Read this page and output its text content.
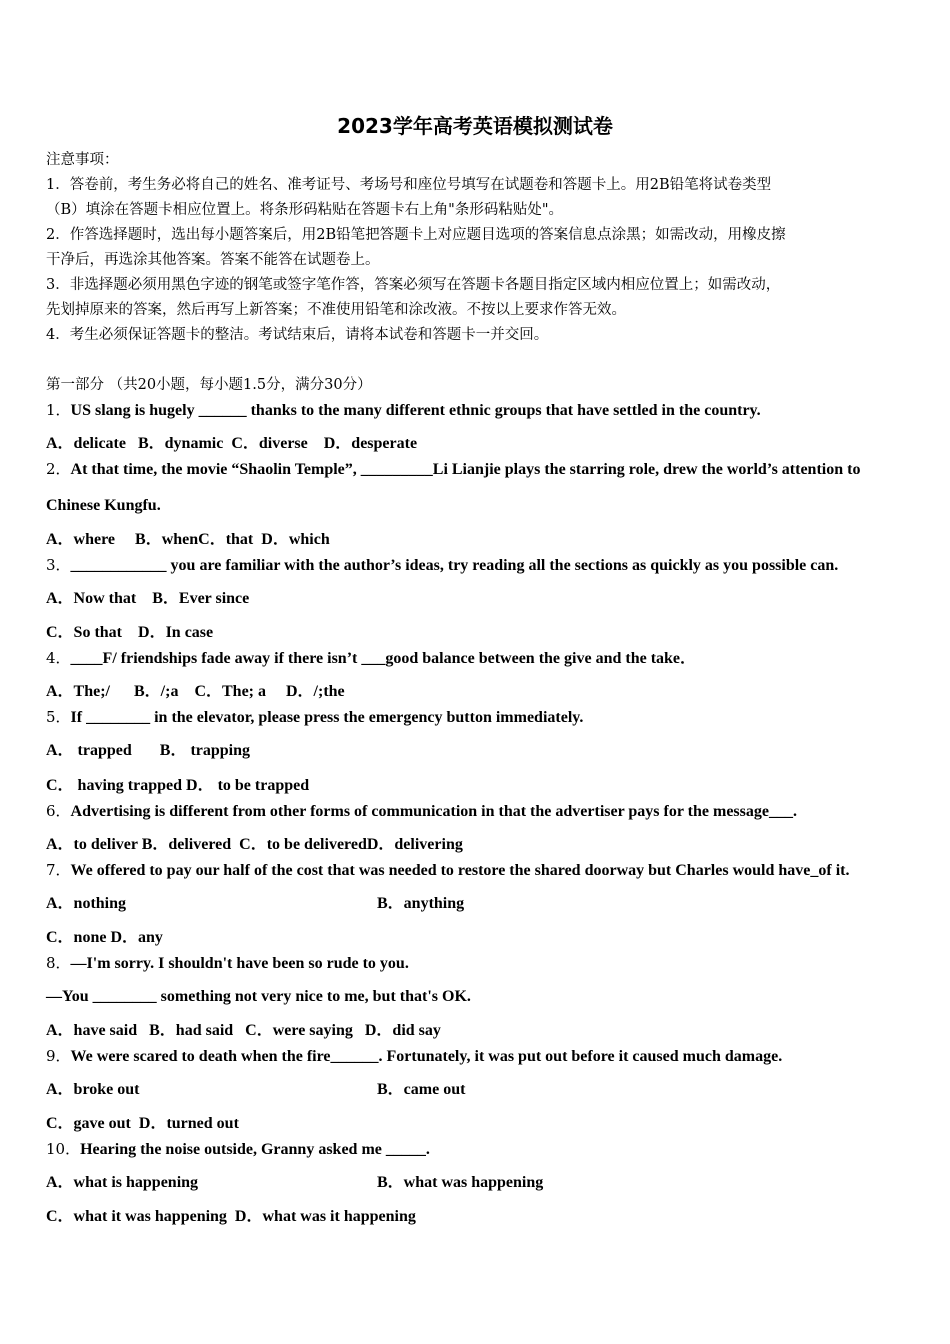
2023学年高考英语模拟测试卷
注意事项：
1．答卷前，考生务必将自己的姓名、准考证号、考场号和座位号填写在试题卷和答题卡上。用2B铅笔将试卷类型
（B）填涂在答题卡相应位置上。将条形码粘贴在答题卡右上角"条形码粘贴处"。
2．作答选择题时，选出每小题答案后，用2B铅笔把答题卡上对应题目选项的答案信息点涂黑；如需改动，用橡皮擦
干净后，再选涂其他答案。答案不能答在试题卷上。
3．非选择题必须用黑色字迹的钢笔或签字笔作答，答案必须写在答题卡各题目指定区域内相应位置上；如需改动，
先划掉原来的答案，然后再写上新答案；不准使用铅笔和涂改液。不按以上要求作答无效。
4．考生必须保证答题卡的整洁。考试结束后，请将本试卷和答题卡一并交回。
第一部分 （共20小题，每小题1.5分，满分30分）
1．US slang is hugely ______ thanks to the many different ethnic groups that have settled in the country.
A．delicate   B．dynamic  C．diverse    D．desperate
2．At that time, the movie “Shaolin Temple”, _________Li Lianjie plays the starring role, drew the world’s attention to
Chinese Kungfu.
A．where     B．whenC．that  D．which
3．____________ you are familiar with the author’s ideas, try reading all the sections as quickly as you possible can.
A．Now that    B．Ever since
C．So that    D．In case
4．____F/ friendships fade away if there isn’t ___good balance between the give and the take．
A．The;/      B．/;a    C．The; a     D．/;the
5．If ________ in the elevator, please press the emergency button immediately.
A． trapped       B． trapping
C． having trapped D． to be trapped
6．Advertising is different from other forms of communication in that the advertiser pays for the message___.
A．to deliver B．delivered  C．to be deliveredD．delivering
7．We offered to pay our half of the cost that was needed to restore the shared doorway but Charles would have_of it.
A．nothing	B．anything
C．none D．any
8．—I'm sorry. I shouldn't have been so rude to you.
—You ________ something not very nice to me, but that's OK.
A．have said   B．had said   C．were saying   D．did say
9．We were scared to death when the fire______. Fortunately, it was put out before it caused much damage.
A．broke out	B．came out
C．gave out  D．turned out
10．Hearing the noise outside, Granny asked me _____.
A．what is happening	B．what was happening
C．what it was happening  D．what was it happening
